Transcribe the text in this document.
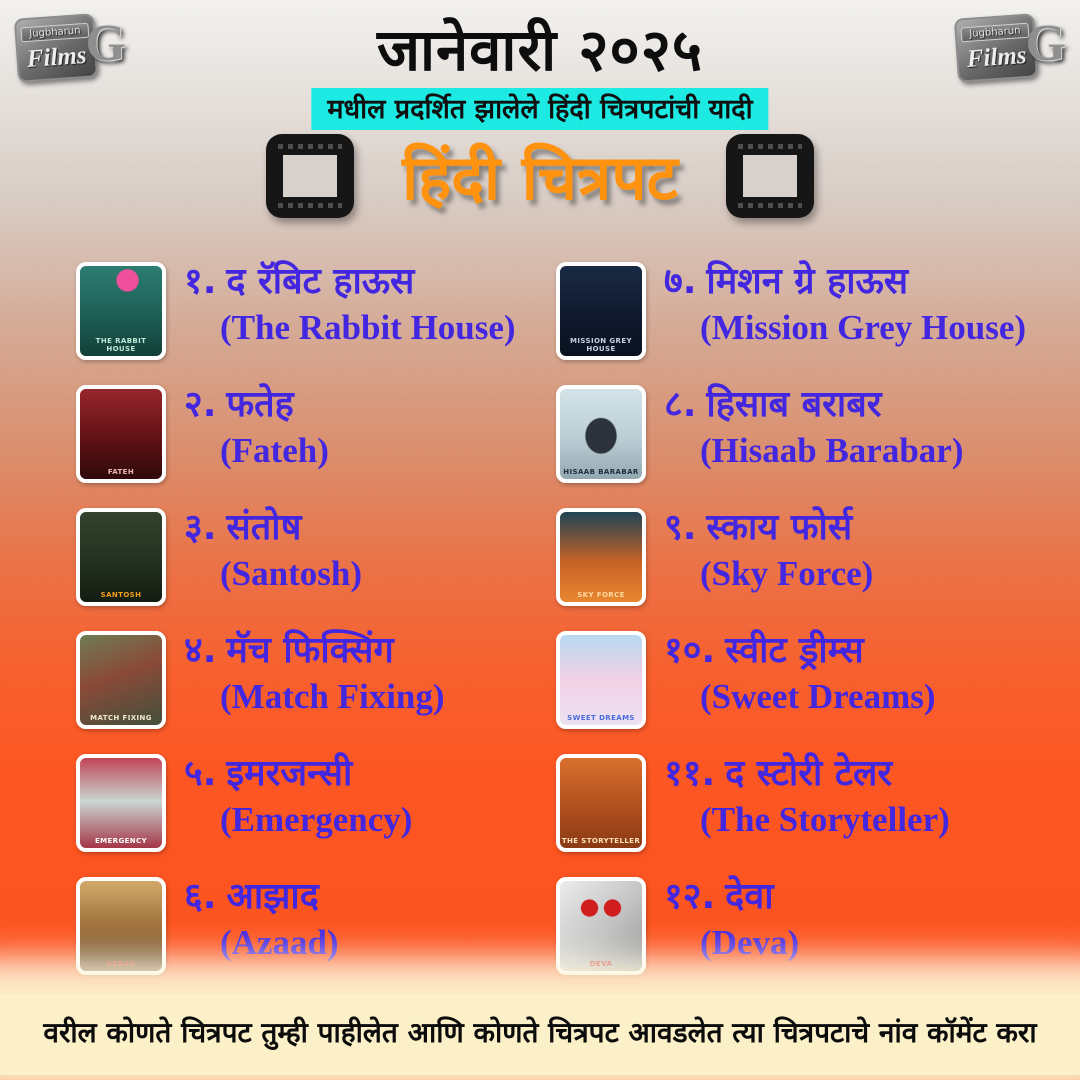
Jugbharun
Films
G	Jugbharun
Films
G
जानेवारी २०२५
मधील प्रदर्शित झालेले हिंदी चित्रपटांची यादी
हिंदी चित्रपट
THE RABBIT HOUSE
१. द रॅबिट हाऊस
(The Rabbit House)
FATEH
२. फतेह
(Fateh)
SANTOSH
३. संतोष
(Santosh)
MATCH FIXING
४. मॅच फिक्सिंग
(Match Fixing)
EMERGENCY
५. इमरजन्सी
(Emergency)
AZAAD
६. आझाद
(Azaad)
MISSION GREY HOUSE
७. मिशन ग्रे हाऊस
(Mission Grey House)
HISAAB BARABAR
८. हिसाब बराबर
(Hisaab Barabar)
SKY FORCE
९. स्काय फोर्स
(Sky Force)
SWEET DREAMS
१०. स्वीट ड्रीम्स
(Sweet Dreams)
THE STORYTELLER
११. द स्टोरी टेलर
(The Storyteller)
DEVA
१२. देवा
(Deva)
वरील कोणते चित्रपट तुम्ही पाहीलेत आणि कोणते चित्रपट आवडलेत त्या चित्रपटाचे नांव कॉमेंट करा
